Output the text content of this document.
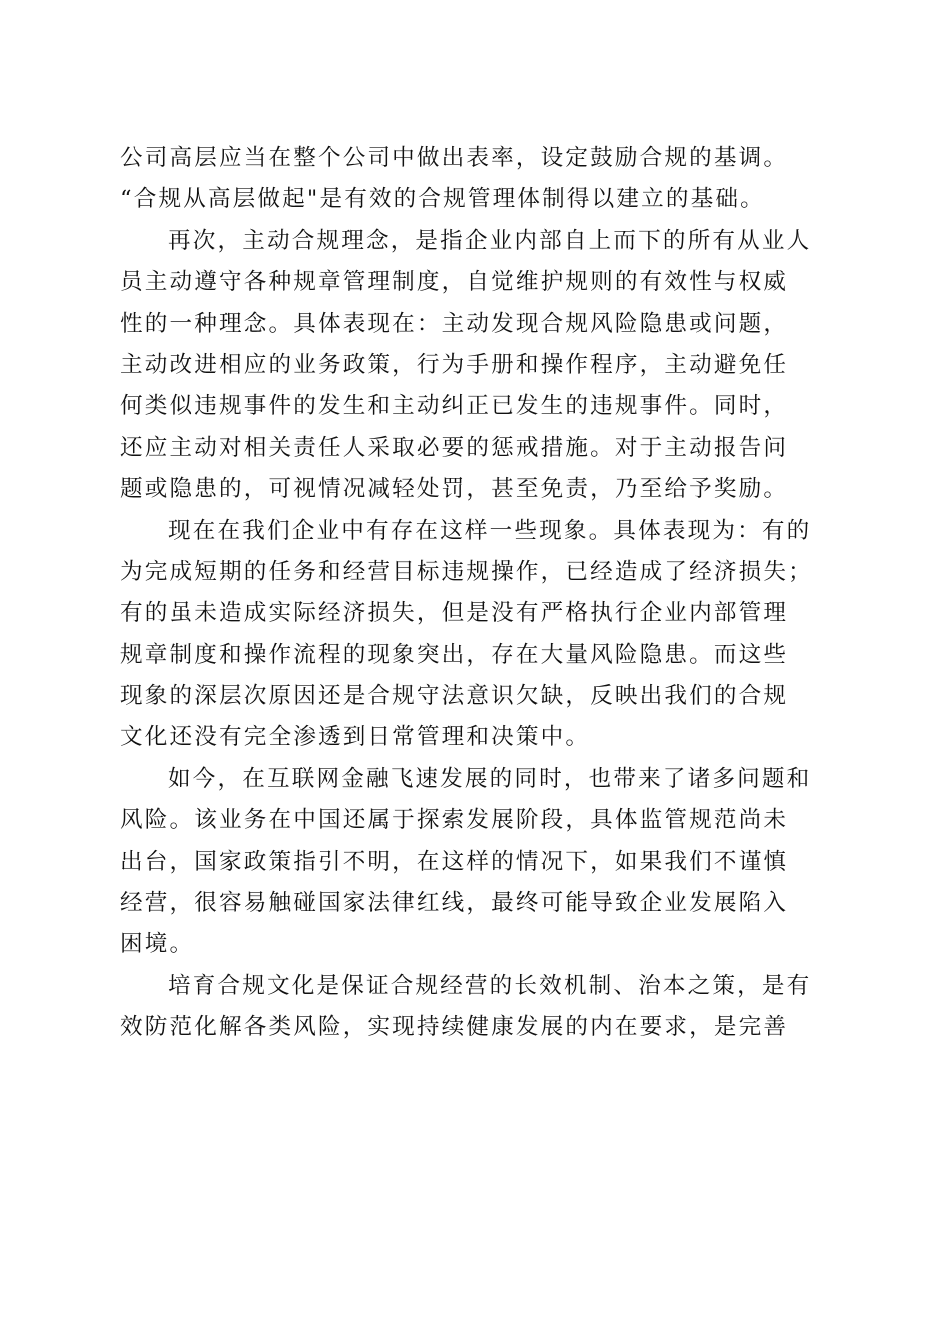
公司高层应当在整个公司中做出表率，设定鼓励合规的基调。
“合规从高层做起"是有效的合规管理体制得以建立的基础。
再次，主动合规理念，是指企业内部自上而下的所有从业人
员主动遵守各种规章管理制度，自觉维护规则的有效性与权威
性的一种理念。具体表现在：主动发现合规风险隐患或问题，
主动改进相应的业务政策，行为手册和操作程序，主动避免任
何类似违规事件的发生和主动纠正已发生的违规事件。同时，
还应主动对相关责任人采取必要的惩戒措施。对于主动报告问
题或隐患的，可视情况减轻处罚，甚至免责，乃至给予奖励。
现在在我们企业中有存在这样一些现象。具体表现为：有的
为完成短期的任务和经营目标违规操作，已经造成了经济损失；
有的虽未造成实际经济损失，但是没有严格执行企业内部管理
规章制度和操作流程的现象突出，存在大量风险隐患。而这些
现象的深层次原因还是合规守法意识欠缺，反映出我们的合规
文化还没有完全渗透到日常管理和决策中。
如今，在互联网金融飞速发展的同时，也带来了诸多问题和
风险。该业务在中国还属于探索发展阶段，具体监管规范尚未
出台，国家政策指引不明，在这样的情况下，如果我们不谨慎
经营，很容易触碰国家法律红线，最终可能导致企业发展陷入
困境。
培育合规文化是保证合规经营的长效机制、治本之策，是有
效防范化解各类风险，实现持续健康发展的内在要求，是完善
